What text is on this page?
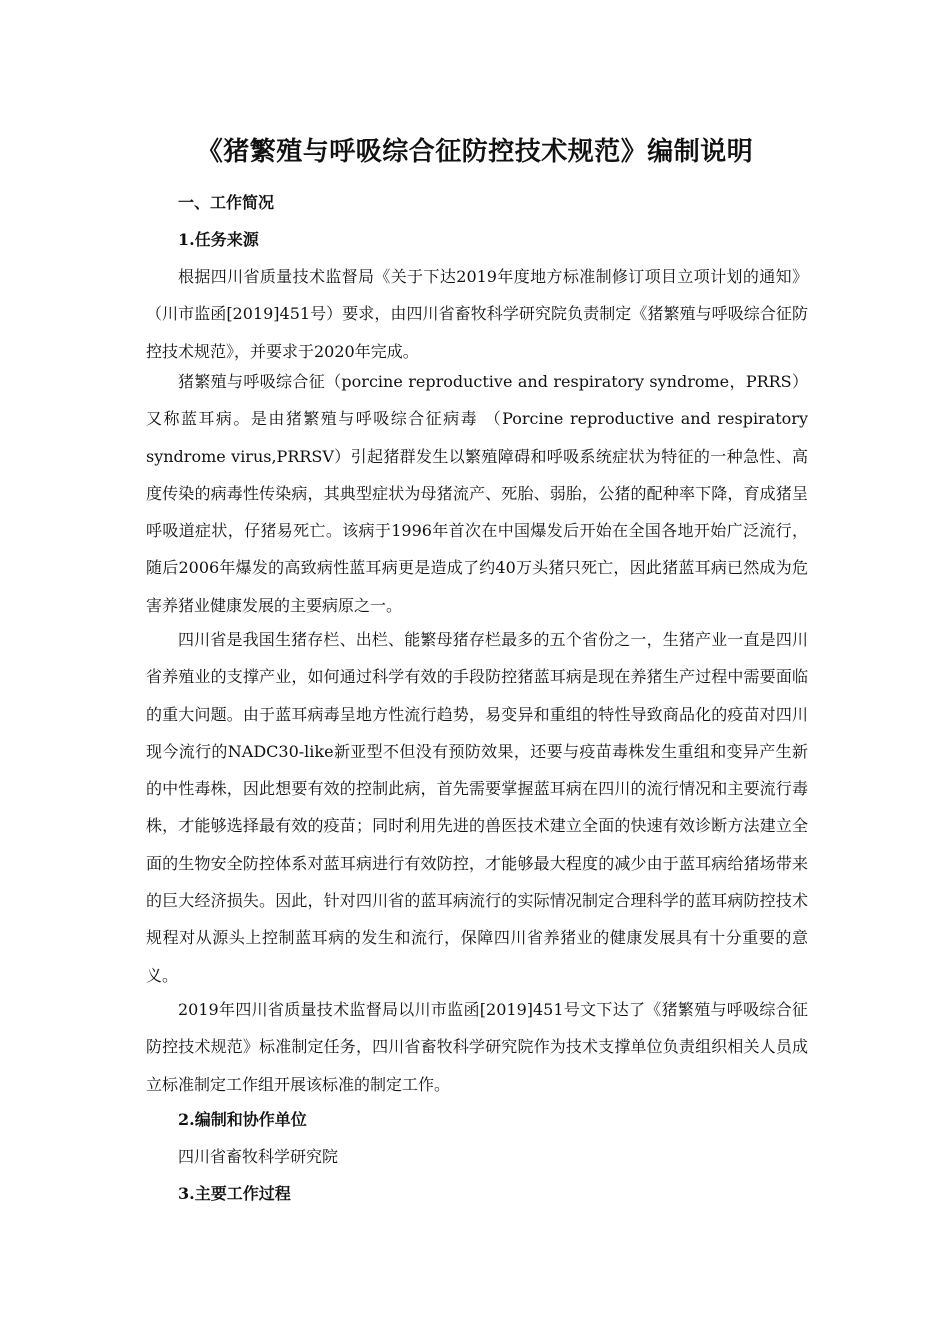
《猪繁殖与呼吸综合征防控技术规范》编制说明
一、工作简况
1.任务来源

根据四川省质量技术监督局《关于下达2019年度地方标准制修订项目立项计划的通知》（川市监函[2019]451号）要求，由四川省畜牧科学研究院负责制定《猪繁殖与呼吸综合征防控技术规范》，并要求于2020年完成。

猪繁殖与呼吸综合征（porcine reproductive and respiratory syndrome，PRRS）又称蓝耳病。是由猪繁殖与呼吸综合征病毒 （Porcine reproductive and respiratory syndrome virus,PRRSV）引起猪群发生以繁殖障碍和呼吸系统症状为特征的一种急性、高度传染的病毒性传染病，其典型症状为母猪流产、死胎、弱胎，公猪的配种率下降，育成猪呈呼吸道症状，仔猪易死亡。该病于1996年首次在中国爆发后开始在全国各地开始广泛流行，随后2006年爆发的高致病性蓝耳病更是造成了约40万头猪只死亡，因此猪蓝耳病已然成为危害养猪业健康发展的主要病原之一。

四川省是我国生猪存栏、出栏、能繁母猪存栏最多的五个省份之一，生猪产业一直是四川省养殖业的支撑产业，如何通过科学有效的手段防控猪蓝耳病是现在养猪生产过程中需要面临的重大问题。由于蓝耳病毒呈地方性流行趋势，易变异和重组的特性导致商品化的疫苗对四川现今流行的NADC30-like新亚型不但没有预防效果，还要与疫苗毒株发生重组和变异产生新的中性毒株，因此想要有效的控制此病，首先需要掌握蓝耳病在四川的流行情况和主要流行毒株，才能够选择最有效的疫苗；同时利用先进的兽医技术建立全面的快速有效诊断方法建立全面的生物安全防控体系对蓝耳病进行有效防控，才能够最大程度的减少由于蓝耳病给猪场带来的巨大经济损失。因此，针对四川省的蓝耳病流行的实际情况制定合理科学的蓝耳病防控技术规程对从源头上控制蓝耳病的发生和流行，保障四川省养猪业的健康发展具有十分重要的意义。

2019年四川省质量技术监督局以川市监函[2019]451号文下达了《猪繁殖与呼吸综合征防控技术规范》标准制定任务，四川省畜牧科学研究院作为技术支撑单位负责组织相关人员成立标准制定工作组开展该标准的制定工作。

2.编制和协作单位
四川省畜牧科学研究院
3.主要工作过程
